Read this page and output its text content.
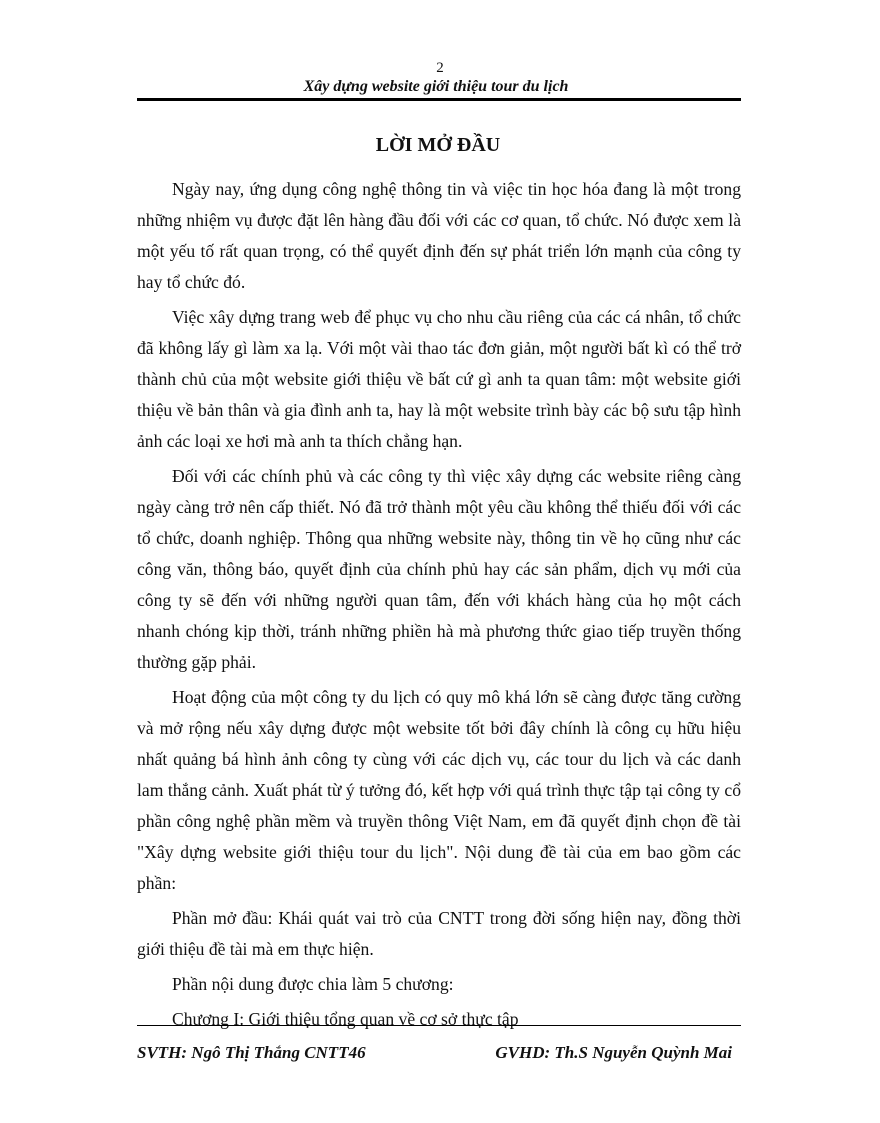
2
Xây dựng website giới thiệu tour du lịch
LỜI MỞ ĐẦU

Ngày nay, ứng dụng công nghệ thông tin và việc tin học hóa đang là một trong những nhiệm vụ được đặt lên hàng đầu đối với các cơ quan, tổ chức. Nó được xem là một yếu tố rất quan trọng, có thể quyết định đến sự phát triển lớn mạnh của công ty hay tổ chức đó.

Việc xây dựng trang web để phục vụ cho nhu cầu riêng của các cá nhân, tổ chức đã không lấy gì làm xa lạ. Với một vài thao tác đơn giản, một người bất kì có thể trở thành chủ của một website giới thiệu về bất cứ gì anh ta quan tâm: một website giới thiệu về bản thân và gia đình anh ta, hay là một website trình bày các bộ sưu tập hình ảnh các loại xe hơi mà anh ta thích chẳng hạn.

Đối với các chính phủ và các công ty thì việc xây dựng các website riêng càng ngày càng trở nên cấp thiết. Nó đã trở thành một yêu cầu không thể thiếu đối với các tổ chức, doanh nghiệp. Thông qua những website này, thông tin về họ cũng như các công văn, thông báo, quyết định của chính phủ hay các sản phẩm, dịch vụ mới của công ty sẽ đến với những người quan tâm, đến với khách hàng của họ một cách nhanh chóng kịp thời, tránh những phiền hà mà phương thức giao tiếp truyền thống thường gặp phải.

Hoạt động của một công ty du lịch có quy mô khá lớn sẽ càng được tăng cường và mở rộng nếu xây dựng được một website tốt bởi đây chính là công cụ hữu hiệu nhất quảng bá hình ảnh công ty cùng với các dịch vụ, các tour du lịch và các danh lam thắng cảnh. Xuất phát từ ý tưởng đó, kết hợp với quá trình thực tập tại công ty cổ phần công nghệ phần mềm và truyền thông Việt Nam, em đã quyết định chọn đề tài "Xây dựng website giới thiệu tour du lịch". Nội dung đề tài của em bao gồm các phần:

Phần mở đầu: Khái quát vai trò của CNTT trong đời sống hiện nay, đồng thời giới thiệu đề tài mà em thực hiện.

Phần nội dung được chia làm 5 chương:

Chương I: Giới thiệu tổng quan về cơ sở thực tập

SVTH: Ngô Thị Thắng CNTT46	GVHD: Th.S Nguyễn Quỳnh Mai
